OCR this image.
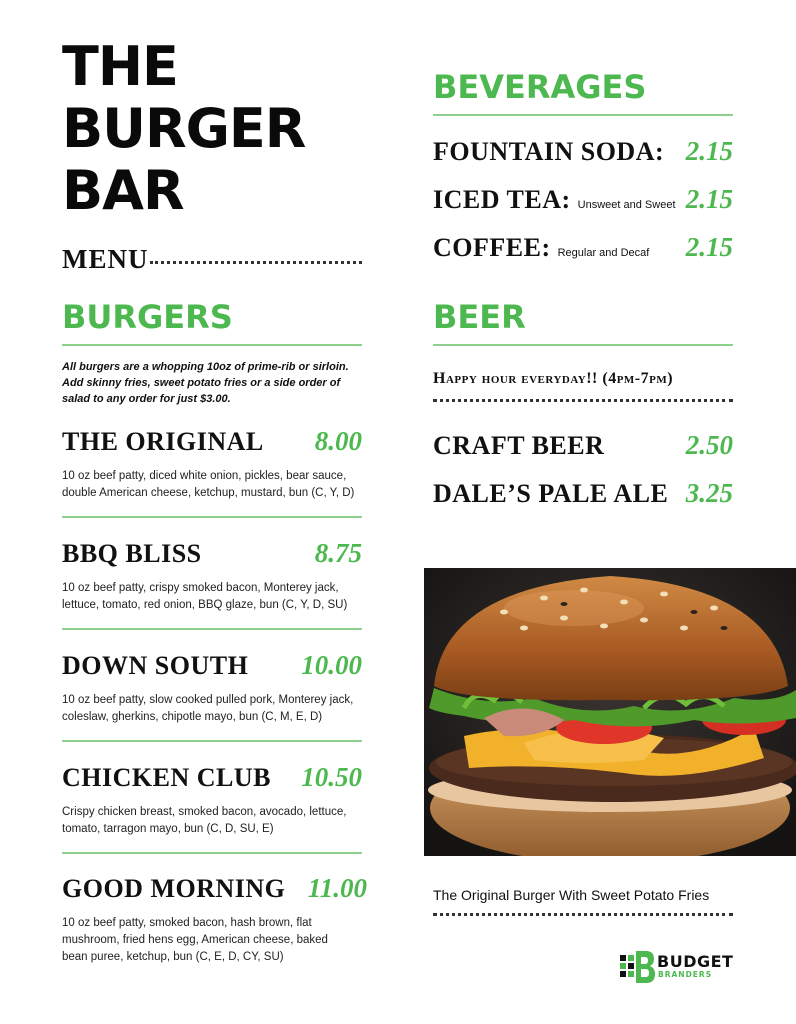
THE
BURGER
BAR
MENU
BURGERS
All burgers are a whopping 10oz of prime-rib or sirloin. Add skinny fries, sweet potato fries or a side order of salad to any order for just $3.00.
THE ORIGINAL	8.00
10 oz beef patty, diced white onion, pickles, bear sauce, double American cheese, ketchup, mustard, bun (C, Y, D)
BBQ BLISS	8.75
10 oz beef patty, crispy smoked bacon, Monterey jack, lettuce, tomato, red onion, BBQ glaze, bun (C, Y, D, SU)
DOWN SOUTH	10.00
10 oz beef patty, slow cooked pulled pork, Monterey jack, coleslaw, gherkins, chipotle mayo, bun (C, M, E, D)
CHICKEN CLUB	10.50
Crispy chicken breast, smoked bacon, avocado, lettuce, tomato, tarragon mayo, bun (C, D, SU, E)
GOOD MORNING 11.00
10 oz beef patty, smoked bacon, hash brown, flat mushroom, fried hens egg, American cheese, baked bean puree, ketchup, bun (C, E, D, CY, SU)
BEVERAGES
FOUNTAIN SODA: 2.15
ICED TEA: Unsweet and Sweet 2.15
COFFEE: Regular and Decaf	2.15
BEER
Happy hour everyday!! (4pm-7pm)
CRAFT BEER	2.50
DALE’S PALE ALE 3.25
The Original Burger With Sweet Potato Fries
BUDGET
BRANDERS
